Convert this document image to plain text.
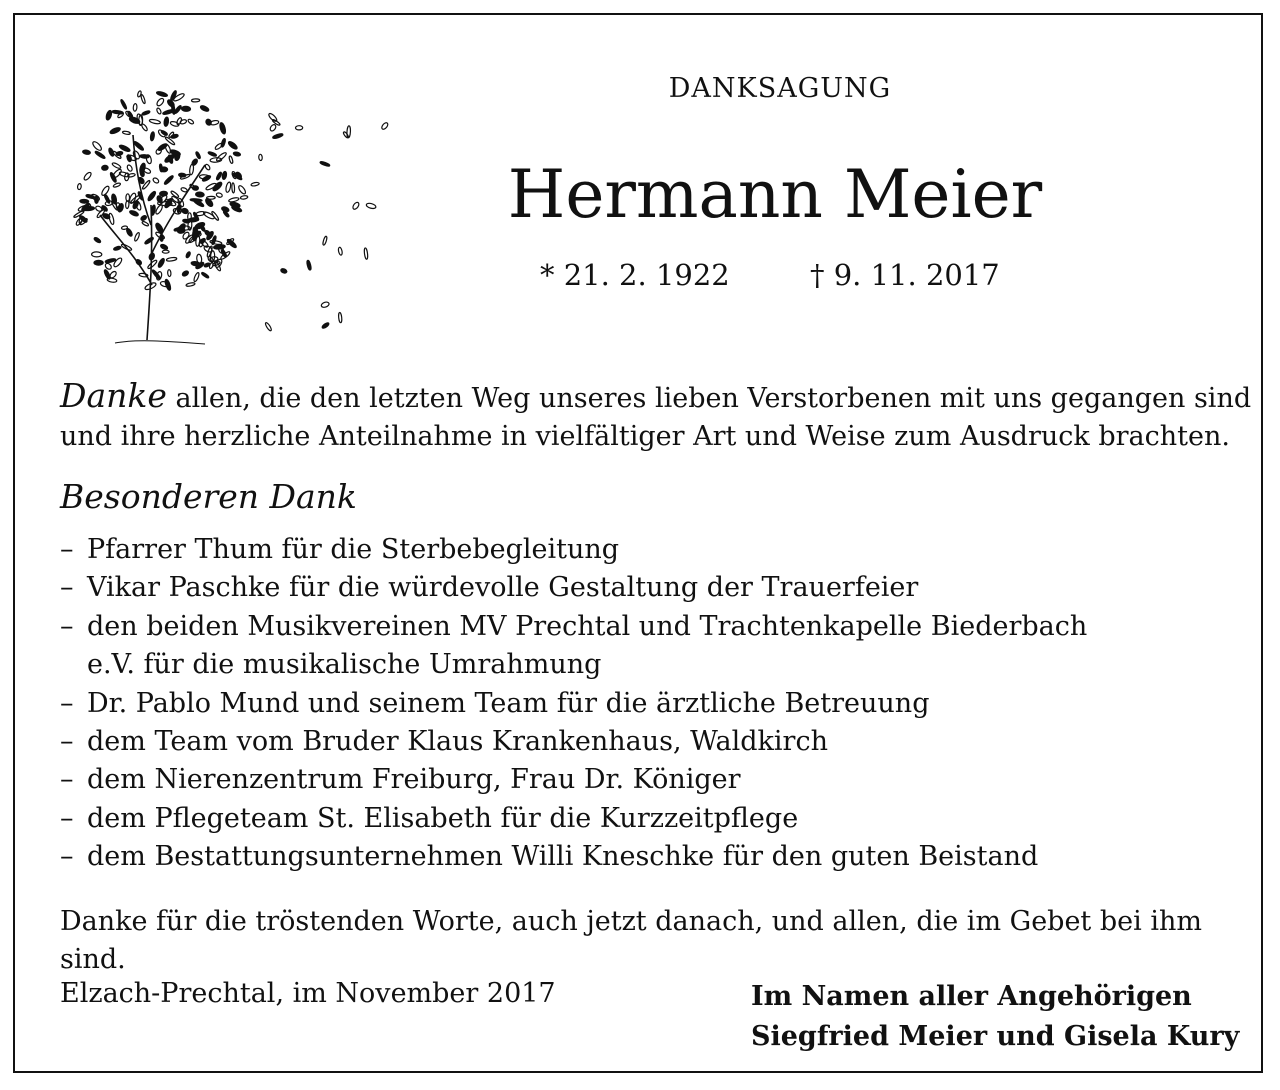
DANKSAGUNG
Hermann Meier
* 21. 2. 1922	† 9. 11. 2017
Danke allen, die den letzten Weg unseres lieben Verstorbenen mit uns gegangen sind und ihre herzliche Anteilnahme in vielfältiger Art und Weise zum Ausdruck brachten.
Besonderen Dank
– Pfarrer Thum für die Sterbebegleitung
– Vikar Paschke für die würdevolle Gestaltung der Trauerfeier
– den beiden Musikvereinen MV Prechtal und Trachtenkapelle Biederbach e.V. für die musikalische Umrahmung
– Dr. Pablo Mund und seinem Team für die ärztliche Betreuung
– dem Team vom Bruder Klaus Krankenhaus, Waldkirch
– dem Nierenzentrum Freiburg, Frau Dr. Königer
– dem Pflegeteam St. Elisabeth für die Kurzzeitpflege
– dem Bestattungsunternehmen Willi Kneschke für den guten Beistand
Danke für die tröstenden Worte, auch jetzt danach, und allen, die im Gebet bei ihm sind.
Elzach-Prechtal, im November 2017	Im Namen aller Angehörigen
Siegfried Meier und Gisela Kury
